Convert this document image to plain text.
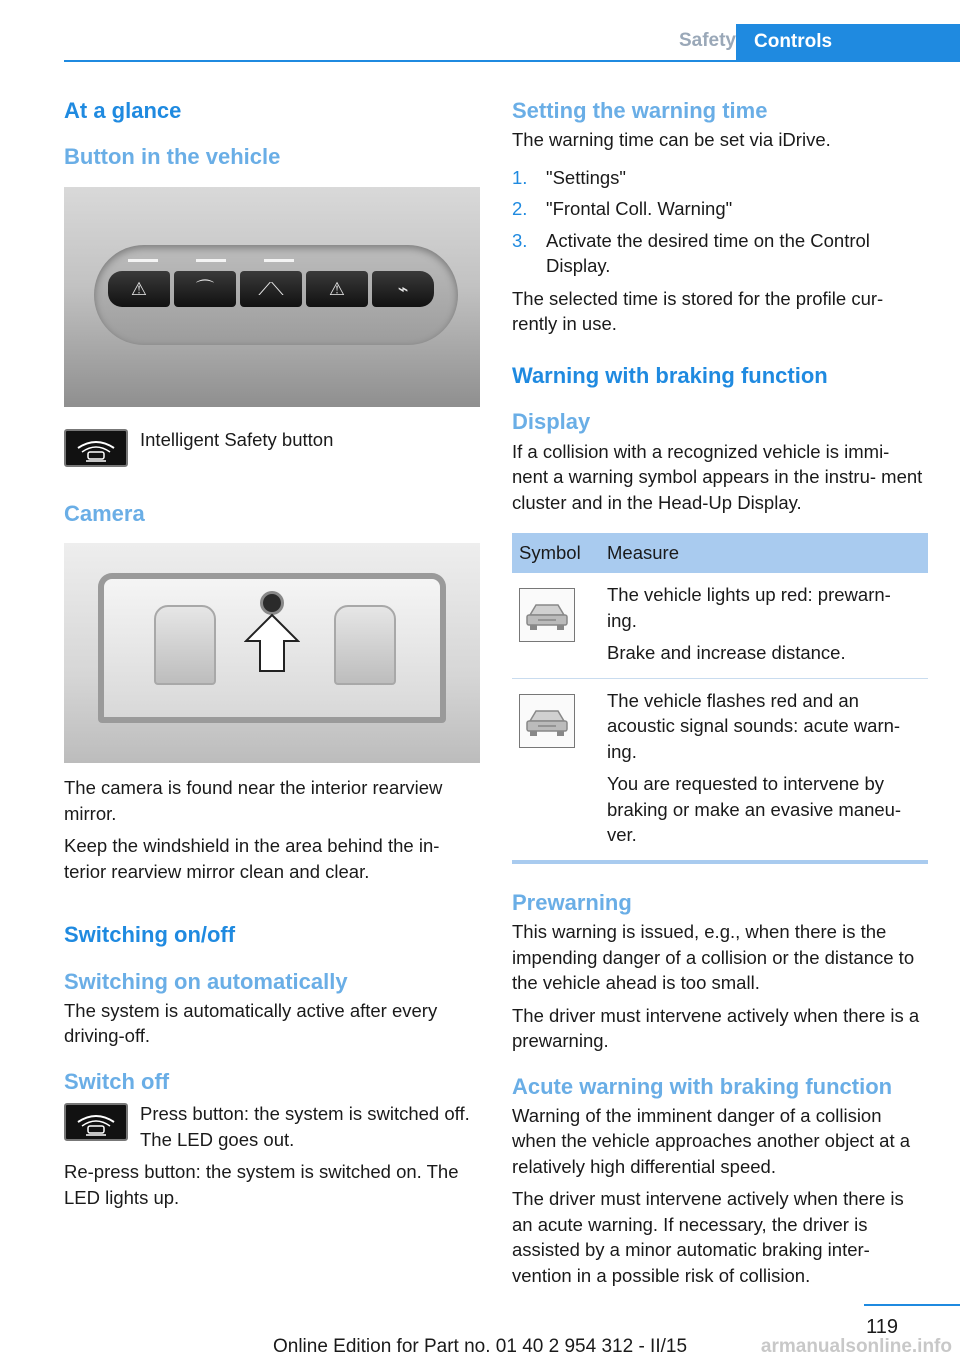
Safety Controls
At a glance
Button in the vehicle
⚠	⌒	⟋⟍	⚠	⌁

Intelligent Safety button

Camera

The camera is found near the interior rearview mirror.

Keep the windshield in the area behind the in‐ terior rearview mirror clean and clear.

Switching on/off
Switching on automatically

The system is automatically active after every driving-off.

Switch off

Press button: the system is switched off. The LED goes out.

Re-press button: the system is switched on. The LED lights up.

Setting the warning time

The warning time can be set via iDrive.

1.	"Settings"

2.	"Frontal Coll. Warning"

3.	Activate the desired time on the Control Display.

The selected time is stored for the profile cur‐ rently in use.

Warning with braking function
Display

If a collision with a recognized vehicle is immi‐ nent a warning symbol appears in the instru‐ ment cluster and in the Head-Up Display.

Symbol	Measure

The vehicle lights up red: prewarn‐ ing.

Brake and increase distance.

The vehicle flashes red and an acoustic signal sounds: acute warn‐ ing.

You are requested to intervene by braking or make an evasive maneu‐ ver.

Prewarning

This warning is issued, e.g., when there is the impending danger of a collision or the distance to the vehicle ahead is too small.

The driver must intervene actively when there is a prewarning.

Acute warning with braking function

Warning of the imminent danger of a collision when the vehicle approaches another object at a relatively high differential speed.

The driver must intervene actively when there is an acute warning. If necessary, the driver is assisted by a minor automatic braking inter‐ vention in a possible risk of collision.

119
Online Edition for Part no. 01 40 2 954 312 - II/15	armanualsonline.info
